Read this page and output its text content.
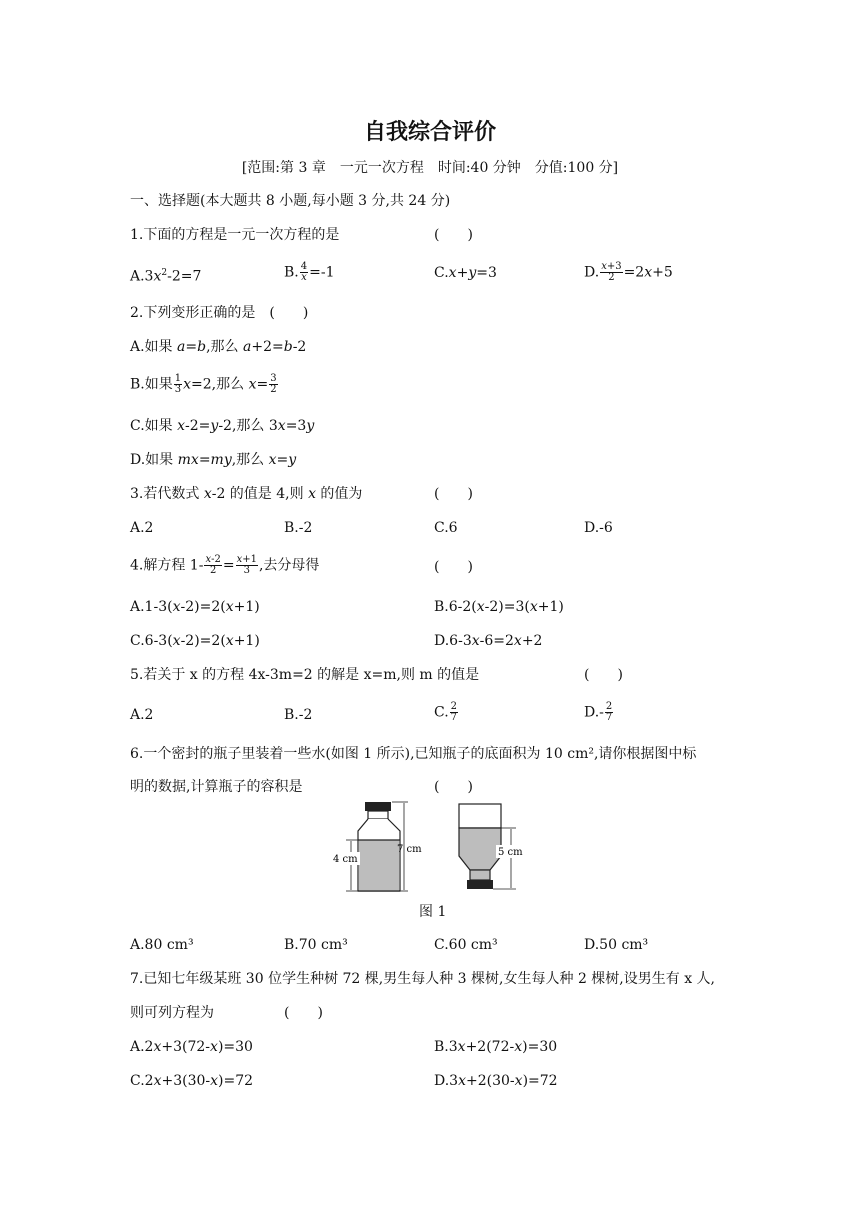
自我综合评价
[范围:第 3 章　一元一次方程　时间:40 分钟　分值:100 分]
一、选择题(本大题共 8 小题,每小题 3 分,共 24 分)
1.下面的方程是一元一次方程的是	(　　)
$A.3x^2-2=7$	B. $\frac{4}{x} =-1$	C.x+y=3	D. $\frac{x+3}{2} =2x+5$
2.下列变形正确的是　 (　　)
A.如果 a=b,那么 a+2=b-2
B.如果 $\frac{1}{3} x=2$,那么 $x= \frac{3}{2}$
C.如果 x-2=y-2,那么 3x=3y
D.如果 mx=my,那么 x=y
3.若代数式 x-2 的值是 4,则 x 的值为	(　　)
A.2	B.-2	C.6	D.-6
4.解方程 $1- \frac{x-2}{2} = \frac{x+1}{3}$ ,去分母得	(　　)
A.1-3(x-2)=2(x+1)	B.6-2(x-2)=3(x+1)
C.6-3(x-2)=2(x+1)	D.6-3x-6=2x+2
5.若关于 x 的方程 4x-3m=2 的解是 x=m,则 m 的值是	(　　)
A.2	B.-2	C. $\frac{2}{7}$	$D.- \frac{2}{7}$
6.一个密封的瓶子里装着一些水(如图 1 所示),已知瓶子的底面积为 10 cm²,请你根据图中标
明的数据,计算瓶子的容积是	(　　)
4 cm
7 cm	5 cm
图 1
A.80 cm³	B.70 cm³	C.60 cm³	D.50 cm³
7.已知七年级某班 30 位学生种树 72 棵,男生每人种 3 棵树,女生每人种 2 棵树,设男生有 x 人,
则可列方程为　　　　　	(　　)
A.2x+3(72-x)=30	B.3x+2(72-x)=30
C.2x+3(30-x)=72	D.3x+2(30-x)=72
